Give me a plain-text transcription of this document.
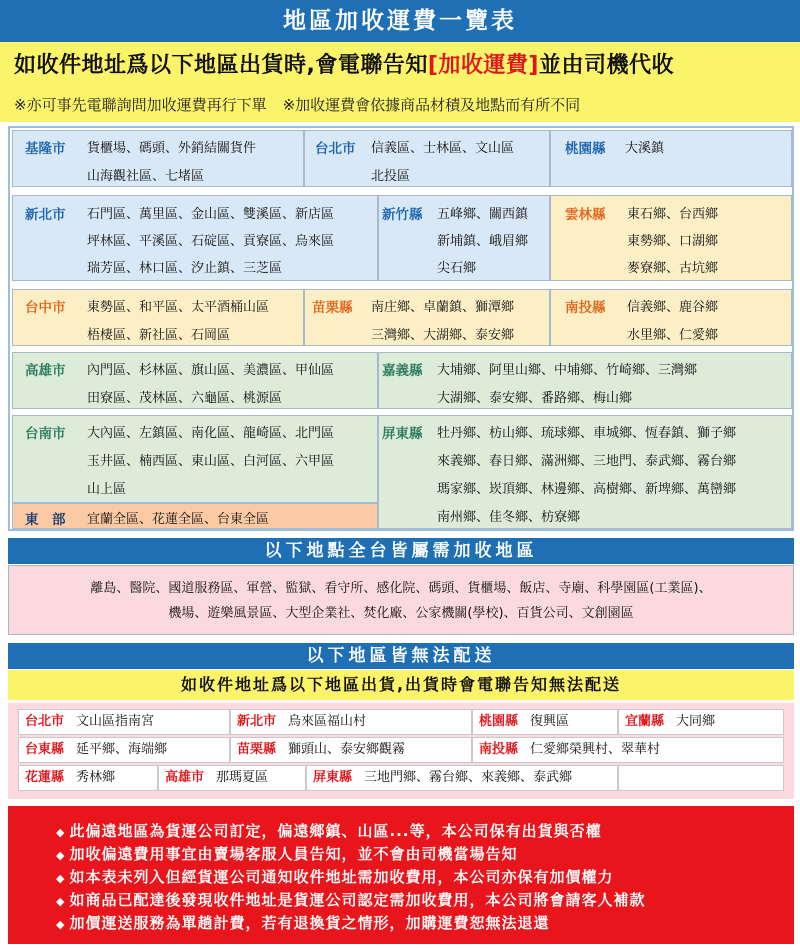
地區加收運費一覽表
如收件地址爲以下地區出貨時,會電聯告知[加收運費]並由司機代收
※亦可事先電聯詢問加收運費再行下單 ※加收運費會依據商品材積及地點而有所不同
基隆市 貨櫃場、碼頭、外銷結關貨件
山海觀社區、七堵區
台北市 信義區、士林區、文山區
北投區
桃園縣 大溪鎮
新北市 石門區、萬里區、金山區、雙溪區、新店區
坪林區、平溪區、石碇區、貢寮區、烏來區
瑞芳區、林口區、汐止鎮、三芝區
新竹縣 五峰鄉、關西鎮
新埔鎮、峨眉鄉
尖石鄉
雲林縣 東石鄉、台西鄉
東勢鄉、口湖鄉
麥寮鄉、古坑鄉
台中市 東勢區、和平區、太平酒桶山區
梧棲區、新社區、石岡區
苗栗縣 南庄鄉、卓蘭鎮、獅潭鄉
三灣鄉、大湖鄉、泰安鄉
南投縣 信義鄉、鹿谷鄉
水里鄉、仁愛鄉
高雄市 內門區、杉林區、旗山區、美濃區、甲仙區
田寮區、茂林區、六龜區、桃源區
嘉義縣 大埔鄉、阿里山鄉、中埔鄉、竹崎鄉、三灣鄉
大湖鄉、泰安鄉、番路鄉、梅山鄉
台南市 大內區、左鎮區、南化區、龍崎區、北門區
玉井區、楠西區、東山區、白河區、六甲區
山上區
屏東縣 牡丹鄉、枋山鄉、琉球鄉、車城鄉、恆春鎮、獅子鄉
來義鄉、春日鄉、滿洲鄉、三地門、泰武鄉、霧台鄉
瑪家鄉、崁頂鄉、林邊鄉、高樹鄉、新埤鄉、萬巒鄉
南州鄉、佳冬鄉、枋寮鄉
東　部 宜蘭全區、花蓮全區、台東全區
以下地點全台皆屬需加收地區
離島、醫院、國道服務區、軍營、監獄、看守所、感化院、碼頭、貨櫃場、飯店、寺廟、科學園區(工業區)、
機場、遊樂風景區、大型企業社、焚化廠、公家機關(學校)、百貨公司、文創園區
以下地區皆無法配送
如收件地址爲以下地區出貨,出貨時會電聯告知無法配送
台北市 文山區指南宮	新北市 烏來區福山村	桃園縣 復興區	宜蘭縣 大同鄉
台東縣 延平鄉、海端鄉	苗栗縣 獅頭山、泰安鄉觀霧	南投縣 仁愛鄉榮興村、翠華村
花蓮縣 秀林鄉	高雄市 那瑪夏區	屏東縣 三地門鄉、霧台鄉、來義鄉、泰武鄉
◆ 此偏遠地區為貨運公司訂定，偏遠鄉鎮、山區...等，本公司保有出貨與否權
◆ 加收偏遠費用事宜由賣場客服人員告知，並不會由司機當場告知
◆ 如本表未列入但經貨運公司通知收件地址需加收費用，本公司亦保有加價權力
◆ 如商品已配達後發現收件地址是貨運公司認定需加收費用，本公司將會請客人補款
◆ 加價運送服務為單趟計費，若有退換貨之情形，加購運費恕無法退還
